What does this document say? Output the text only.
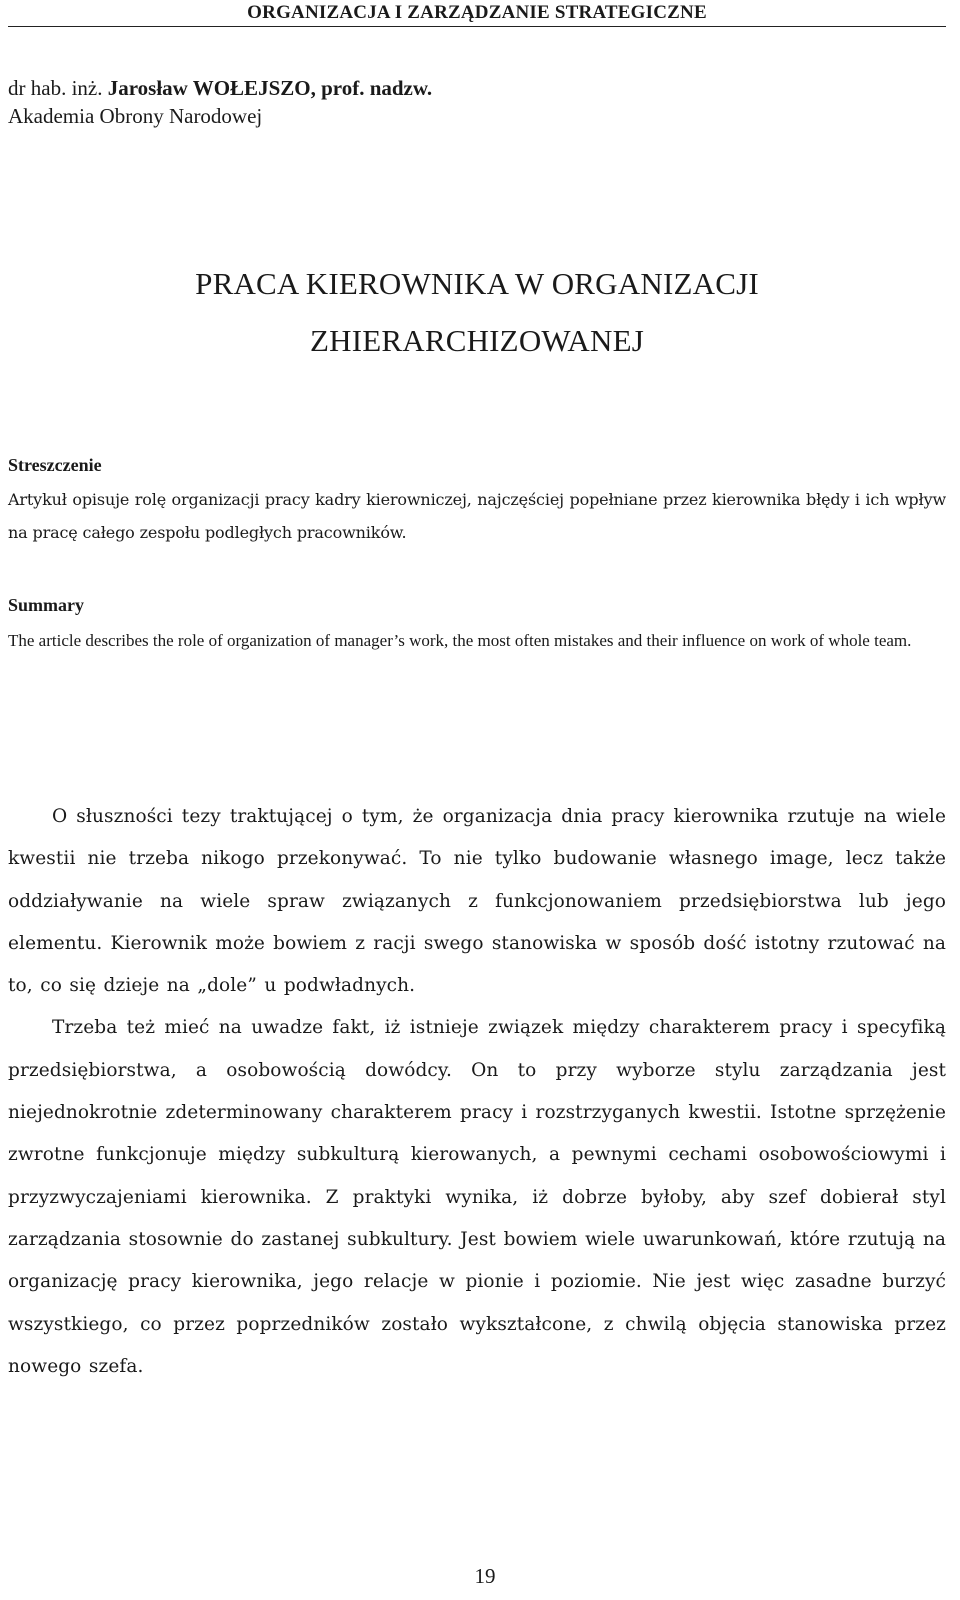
ORGANIZACJA I ZARZĄDZANIE STRATEGICZNE
dr hab. inż. Jarosław WOŁEJSZO, prof. nadzw.
Akademia Obrony Narodowej
PRACA KIEROWNIKA W ORGANIZACJI
ZHIERARCHIZOWANEJ
Streszczenie

Artykuł opisuje rolę organizacji pracy kadry kierowniczej, najczęściej popełniane przez kierownika błędy i ich wpływ na pracę całego zespołu podległych pracowników.

Summary

The article describes the role of organization of manager’s work, the most often mistakes and their influence on work of whole team.

O słuszności tezy traktującej o tym, że organizacja dnia pracy kierownika rzutuje na wiele kwestii nie trzeba nikogo przekonywać. To nie tylko budowanie własnego image, lecz także oddziaływanie na wiele spraw związanych z funkcjonowaniem przedsiębiorstwa lub jego elementu. Kierownik może bowiem z racji swego stanowiska w sposób dość istotny rzutować na to, co się dzieje na „dole” u podwładnych.

Trzeba też mieć na uwadze fakt, iż istnieje związek między charakterem pracy i specyfiką przedsiębiorstwa, a osobowością dowódcy. On to przy wyborze stylu zarządzania jest niejednokrotnie zdeterminowany charakterem pracy i rozstrzyganych kwestii. Istotne sprzężenie zwrotne funkcjonuje między subkulturą kierowanych, a pewnymi cechami osobowościowymi i przyzwyczajeniami kierownika. Z praktyki wynika, iż dobrze byłoby, aby szef dobierał styl zarządzania stosownie do zastanej subkultury. Jest bowiem wiele uwarunkowań, które rzutują na organizację pracy kierownika, jego relacje w pionie i poziomie. Nie jest więc zasadne burzyć wszystkiego, co przez poprzedników zostało wykształcone, z chwilą objęcia stanowiska przez nowego szefa.

19
